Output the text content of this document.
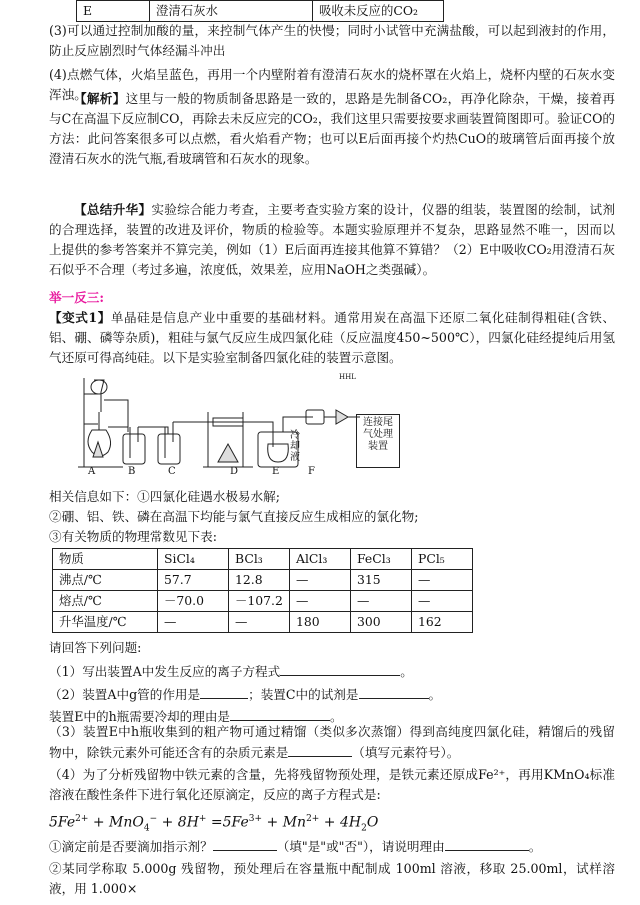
E	澄清石灰水	吸收未反应的CO₂
(3)可以通过控制加酸的量，来控制气体产生的快慢；同时小试管中充满盐酸，可以起到液封的作用，防止反应剧烈时气体经漏斗冲出
(4)点燃气体，火焰呈蓝色，再用一个内壁附着有澄清石灰水的烧杯罩在火焰上，烧杯内壁的石灰水变浑浊。
【解析】这里与一般的物质制备思路是一致的，思路是先制备CO₂，再净化除杂，干燥，接着再与C在高温下反应制CO，再除去未反应完的CO₂，我们这里只需要按要求画装置简图即可。验证CO的方法：此问答案很多可以点燃，看火焰看产物；也可以E后面再接个灼热CuO的玻璃管后面再接个放澄清石灰水的洗气瓶,看玻璃管和石灰水的现象。
【总结升华】实验综合能力考查，主要考查实验方案的设计，仪器的组装，装置图的绘制，试剂的合理选择，装置的改进及评价，物质的检验等。本题实验原理并不复杂，思路显然不唯一，因而以上提供的参考答案并不算完美，例如（1）E后面再连接其他算不算错？（2）E中吸收CO₂用澄清石灰石似乎不合理（考过多遍，浓度低，效果差，应用NaOH之类强碱）。
举一反三:
【变式1】单晶硅是信息产业中重要的基础材料。通常用炭在高温下还原二氧化硅制得粗硅(含铁、铝、硼、磷等杂质)，粗硅与氯气反应生成四氯化硅（反应温度450~500℃），四氯化硅经提纯后用氢气还原可得高纯硅。以下是实验室制备四氯化硅的装置示意图。
连接尾气处理装置
HHL
冷却液
A	B	C	D	E	F
相关信息如下：①四氯化硅遇水极易水解;
②硼、铝、铁、磷在高温下均能与氯气直接反应生成相应的氯化物;
③有关物质的物理常数见下表:
物质	SiCl₄	BCl₃	AlCl₃	FeCl₃	PCl₅
沸点/℃	57.7	12.8	—	315	—
熔点/℃	－70.0	－107.2	—	—	—
升华温度/℃	—	—	180	300	162
请回答下列问题:
（1）写出装置A中发生反应的离子方程式	。
（2）装置A中g管的作用是	；装置C中的试剂是	。
装置E中的h瓶需要冷却的理由是	。
（3）装置E中h瓶收集到的粗产物可通过精馏（类似多次蒸馏）得到高纯度四氯化硅，精馏后的残留物中，除铁元素外可能还含有的杂质元素是	（填写元素符号）。
（4）为了分析残留物中铁元素的含量，先将残留物预处理，是铁元素还原成Fe²⁺，再用KMnO₄标准溶液在酸性条件下进行氧化还原滴定，反应的离子方程式是:
$5Fe^{2+} + MnO_4^- + 8H^+ =5Fe^{3+} + Mn^{2+} + 4H_2O$
①滴定前是否要滴加指示剂？	（填"是"或"否"），请说明理由	。
②某同学称取 5.000g 残留物，预处理后在容量瓶中配制成 100ml 溶液，移取 25.00ml，试样溶液，用 1.000×
